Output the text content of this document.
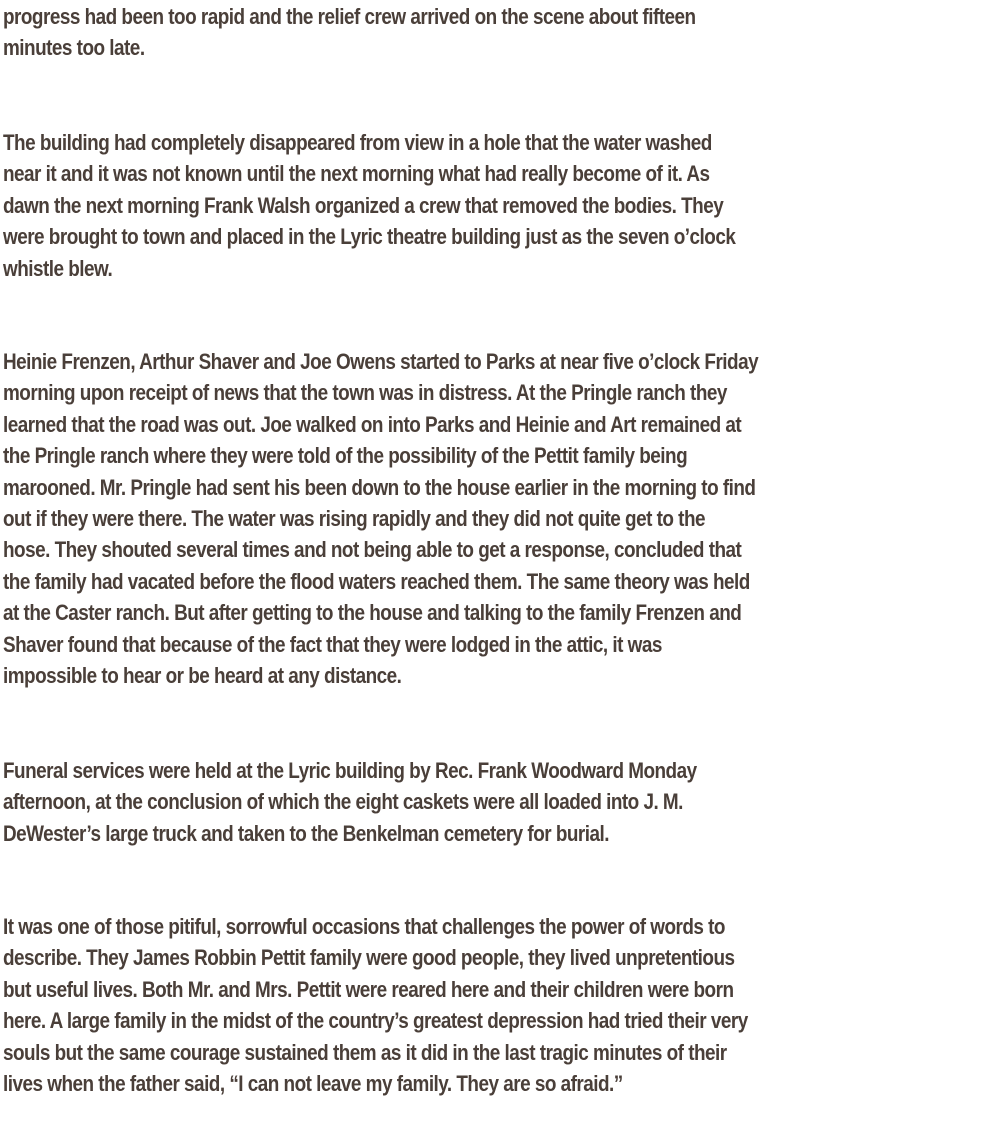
progress had been too rapid and the relief crew arrived on the scene about fifteen
minutes too late.

The building had completely disappeared from view in a hole that the water washed
near it and it was not known until the next morning what had really become of it. As
dawn the next morning Frank Walsh organized a crew that removed the bodies. They
were brought to town and placed in the Lyric theatre building just as the seven o’clock
whistle blew.

Heinie Frenzen, Arthur Shaver and Joe Owens started to Parks at near five o’clock Friday
morning upon receipt of news that the town was in distress. At the Pringle ranch they
learned that the road was out. Joe walked on into Parks and Heinie and Art remained at
the Pringle ranch where they were told of the possibility of the Pettit family being
marooned. Mr. Pringle had sent his been down to the house earlier in the morning to find
out if they were there. The water was rising rapidly and they did not quite get to the
hose. They shouted several times and not being able to get a response, concluded that
the family had vacated before the flood waters reached them. The same theory was held
at the Caster ranch. But after getting to the house and talking to the family Frenzen and
Shaver found that because of the fact that they were lodged in the attic, it was
impossible to hear or be heard at any distance.

Funeral services were held at the Lyric building by Rec. Frank Woodward Monday
afternoon, at the conclusion of which the eight caskets were all loaded into J. M.
DeWester’s large truck and taken to the Benkelman cemetery for burial.

It was one of those pitiful, sorrowful occasions that challenges the power of words to
describe. They James Robbin Pettit family were good people, they lived unpretentious
but useful lives. Both Mr. and Mrs. Pettit were reared here and their children were born
here. A large family in the midst of the country’s greatest depression had tried their very
souls but the same courage sustained them as it did in the last tragic minutes of their
lives when the father said, “I can not leave my family. They are so afraid.”
